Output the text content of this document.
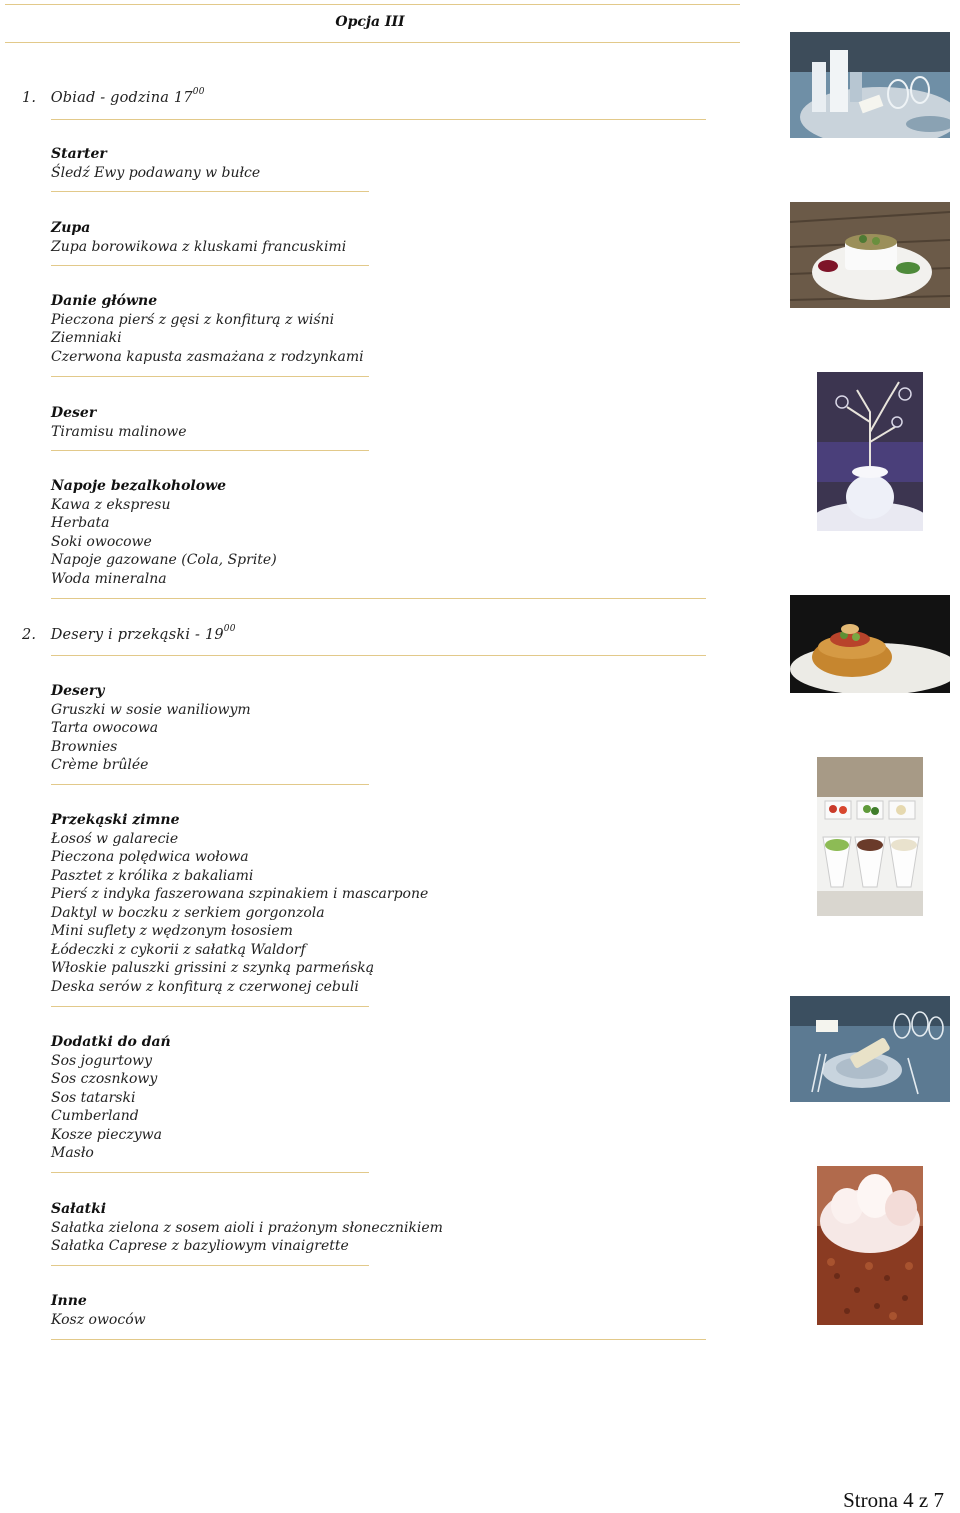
Opcja III
1. Obiad - godzina $17^{00}$
Starter
Śledź Ewy podawany w bułce
Zupa
Zupa borowikowa z kluskami francuskimi
Danie główne
Pieczona pierś z gęsi z konfiturą z wiśni
Ziemniaki
Czerwona kapusta zasmażana z rodzynkami
Deser
Tiramisu malinowe
Napoje bezalkoholowe
Kawa z ekspresu
Herbata
Soki owocowe
Napoje gazowane (Cola, Sprite)
Woda mineralna
2. Desery i przekąski - $19^{00}$
Desery
Gruszki w sosie waniliowym
Tarta owocowa
Brownies
Crème brûlée
Przekąski zimne
Łosoś w galarecie
Pieczona polędwica wołowa
Pasztet z królika z bakaliami
Pierś z indyka faszerowana szpinakiem i mascarpone
Daktyl w boczku z serkiem gorgonzola
Mini suflety z wędzonym łososiem
Łódeczki z cykorii z sałatką Waldorf
Włoskie paluszki grissini z szynką parmeńską
Deska serów z konfiturą z czerwonej cebuli
Dodatki do dań
Sos jogurtowy
Sos czosnkowy
Sos tatarski
Cumberland
Kosze pieczywa
Masło
Sałatki
Sałatka zielona z sosem aioli i prażonym słonecznikiem
Sałatka Caprese z bazyliowym vinaigrette
Inne
Kosz owoców
Strona 4 z 7
